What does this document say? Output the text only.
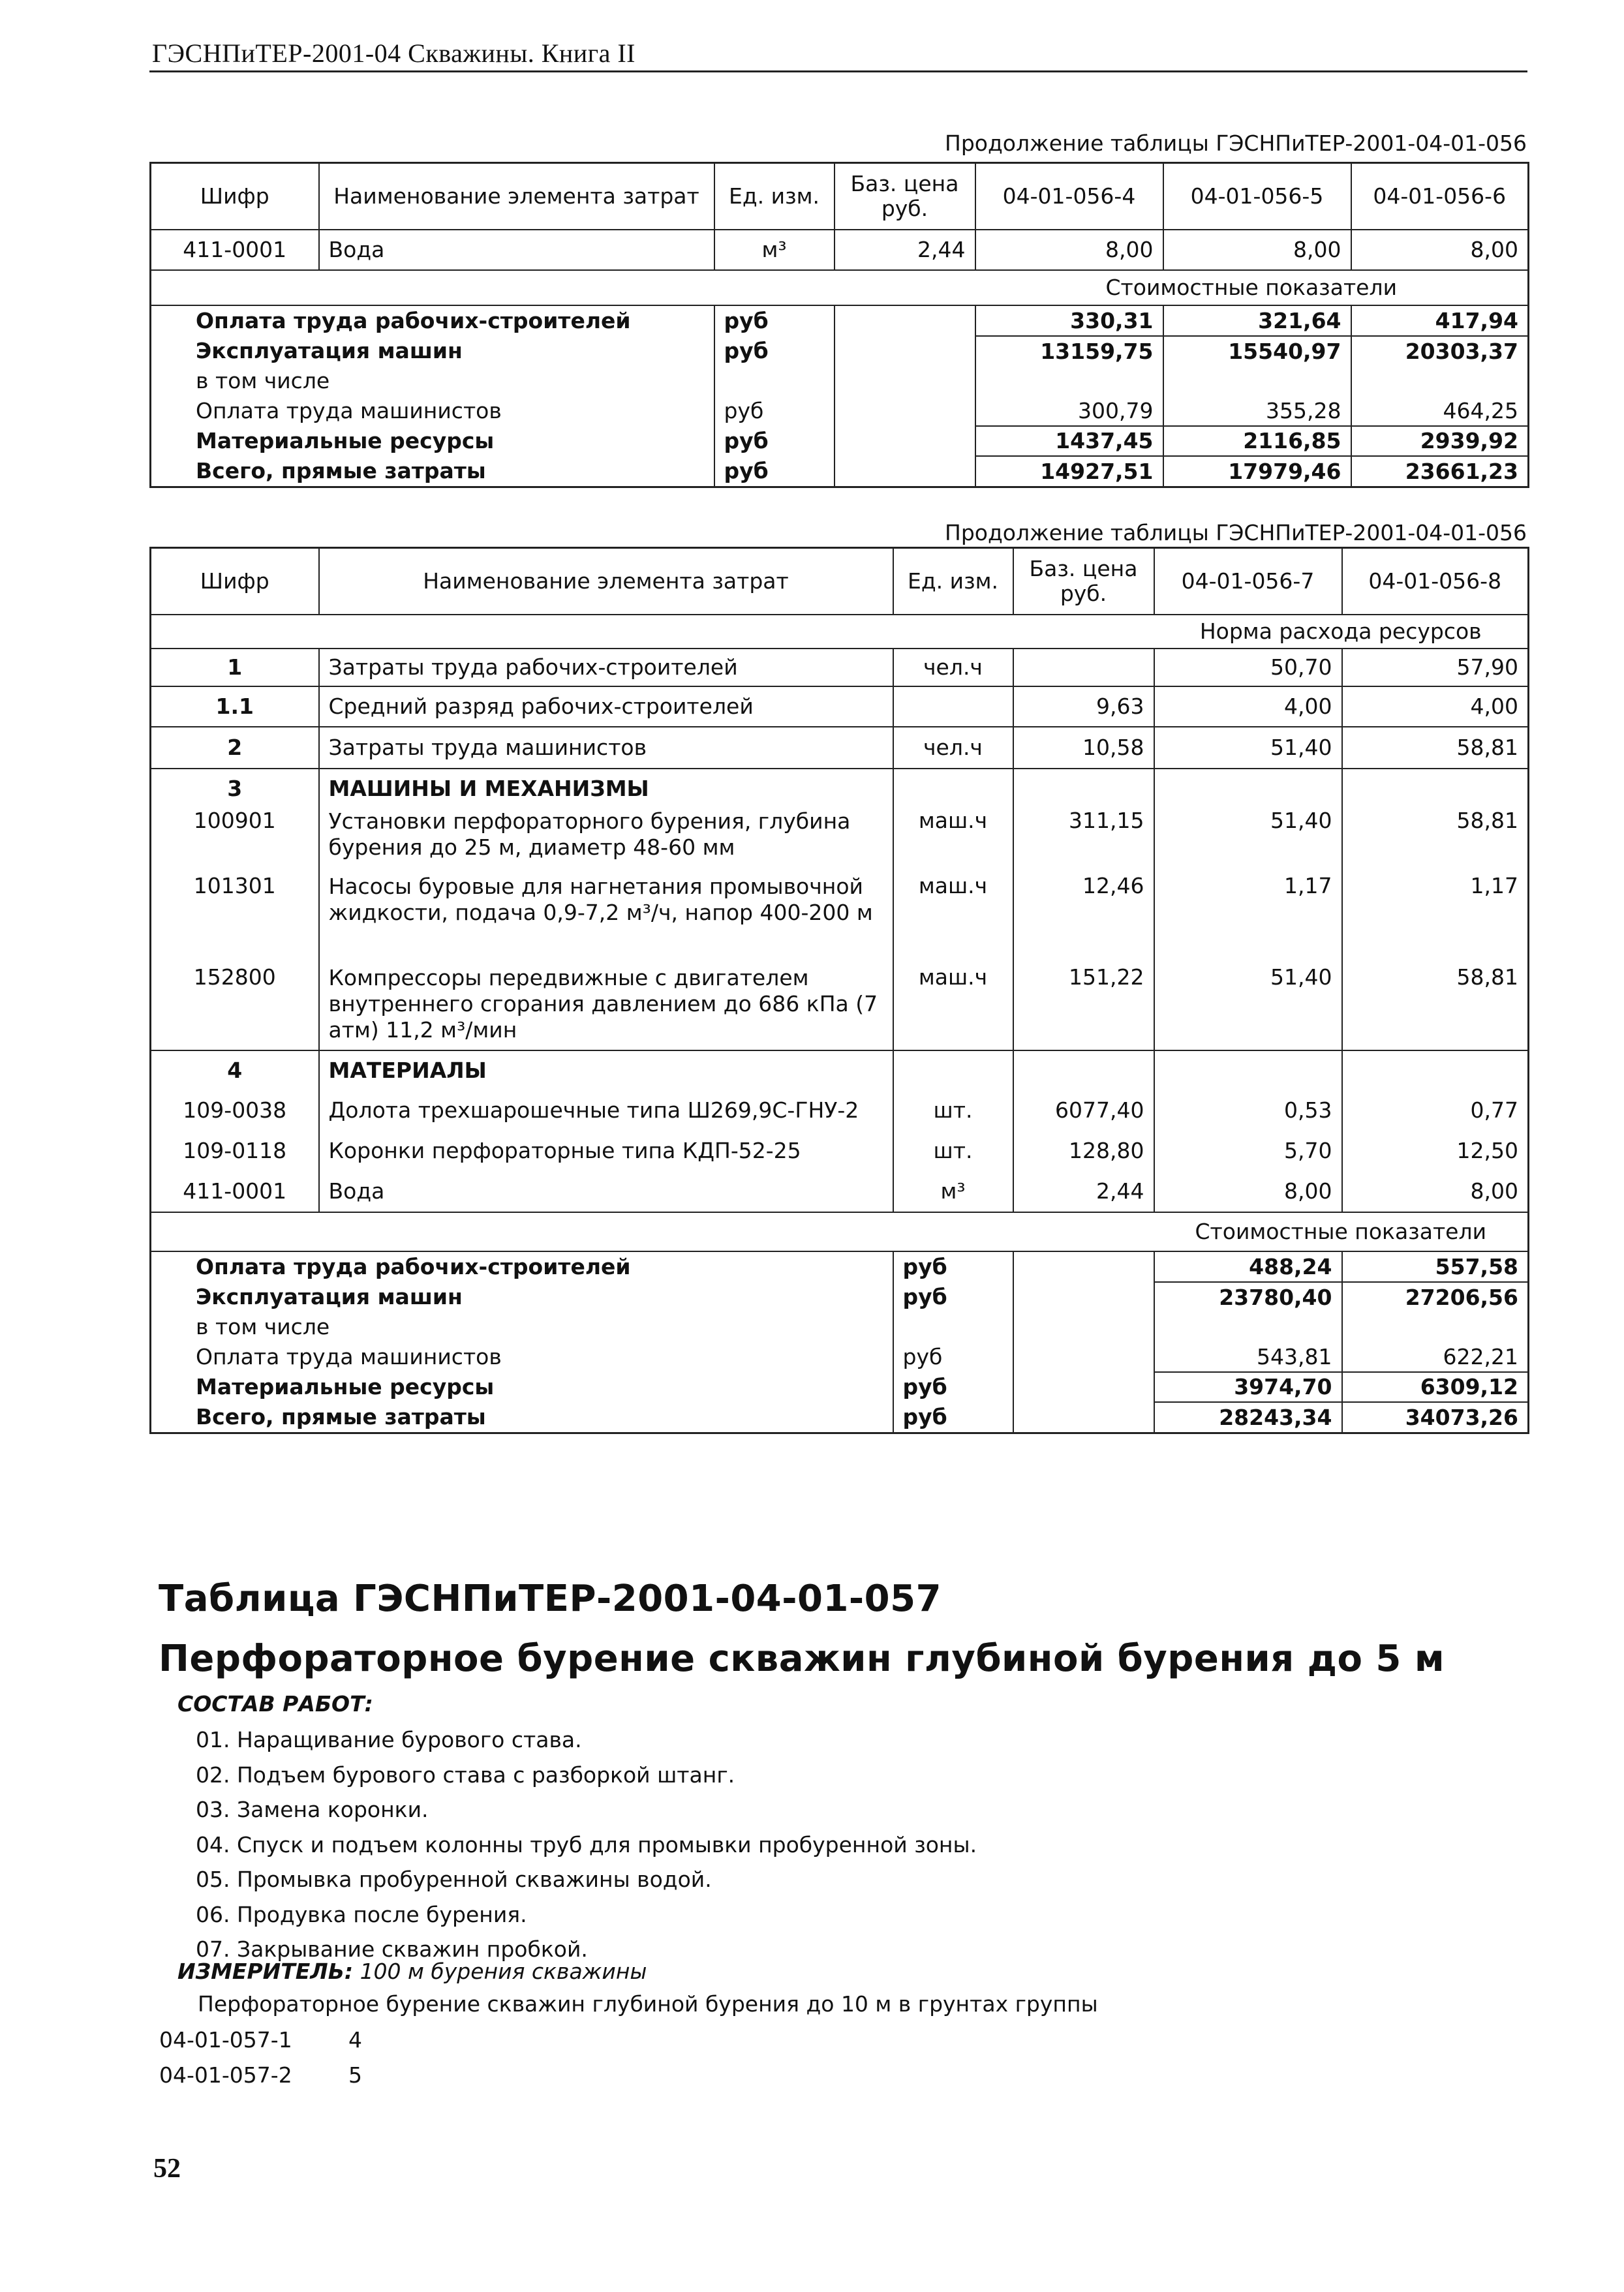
ГЭСНПиТЕР-2001-04 Скважины. Книга II
Продолжение таблицы ГЭСНПиТЕР-2001-04-01-056
Шифр	Наименование элемента затрат	Ед. изм.	Баз. цена руб.	04-01-056-4	04-01-056-5	04-01-056-6
411-0001	Вода	м³	2,44	8,00	8,00	8,00
				Стоимостные показатели		
Оплата труда рабочих-строителей		руб		330,31	321,64	417,94
Эксплуатация машин		руб		13159,75	15540,97	20303,37
в том числе						
Оплата труда машинистов		руб		300,79	355,28	464,25
Материальные ресурсы		руб		1437,45	2116,85	2939,92
Всего, прямые затраты		руб		14927,51	17979,46	23661,23
Продолжение таблицы ГЭСНПиТЕР-2001-04-01-056
Шифр	Наименование элемента затрат	Ед. изм.	Баз. цена руб.	04-01-056-7	04-01-056-8
				Норма расхода ресурсов	
1	Затраты труда рабочих-строителей	чел.ч		50,70	57,90
1.1	Средний разряд рабочих-строителей		9,63	4,00	4,00
2	Затраты труда машинистов	чел.ч	10,58	51,40	58,81
3	МАШИНЫ И МЕХАНИЗМЫ				
100901	Установки перфораторного бурения, глубина бурения до 25 м, диаметр 48-60 мм	маш.ч	311,15	51,40	58,81
101301	Насосы буровые для нагнетания промывочной жидкости, подача 0,9-7,2 м³/ч, напор 400-200 м	маш.ч	12,46	1,17	1,17
152800	Компрессоры передвижные с двигателем внутреннего сгорания давлением до 686 кПа (7 атм) 11,2 м³/мин	маш.ч	151,22	51,40	58,81
4	МАТЕРИАЛЫ				
109-0038	Долота трехшарошечные типа Ш269,9С-ГНУ-2	шт.	6077,40	0,53	0,77
109-0118	Коронки перфораторные типа КДП-52-25	шт.	128,80	5,70	12,50
411-0001	Вода	м³	2,44	8,00	8,00
				Стоимостные показатели	
Оплата труда рабочих-строителей		руб		488,24	557,58
Эксплуатация машин		руб		23780,40	27206,56
в том числе					
Оплата труда машинистов		руб		543,81	622,21
Материальные ресурсы		руб		3974,70	6309,12
Всего, прямые затраты		руб		28243,34	34073,26
Таблица ГЭСНПиТЕР-2001-04-01-057
Перфораторное бурение скважин глубиной бурения до 5 м
СОСТАВ РАБОТ:
01. Наращивание бурового става.
02. Подъем бурового става с разборкой штанг.
03. Замена коронки.
04. Спуск и подъем колонны труб для промывки пробуренной зоны.
05. Промывка пробуренной скважины водой.
06. Продувка после бурения.
07. Закрывание скважин пробкой.
ИЗМЕРИТЕЛЬ: 100 м бурения скважины
Перфораторное бурение скважин глубиной бурения до 10 м в грунтах группы
04-01-057-1	4
04-01-057-2	5
52
